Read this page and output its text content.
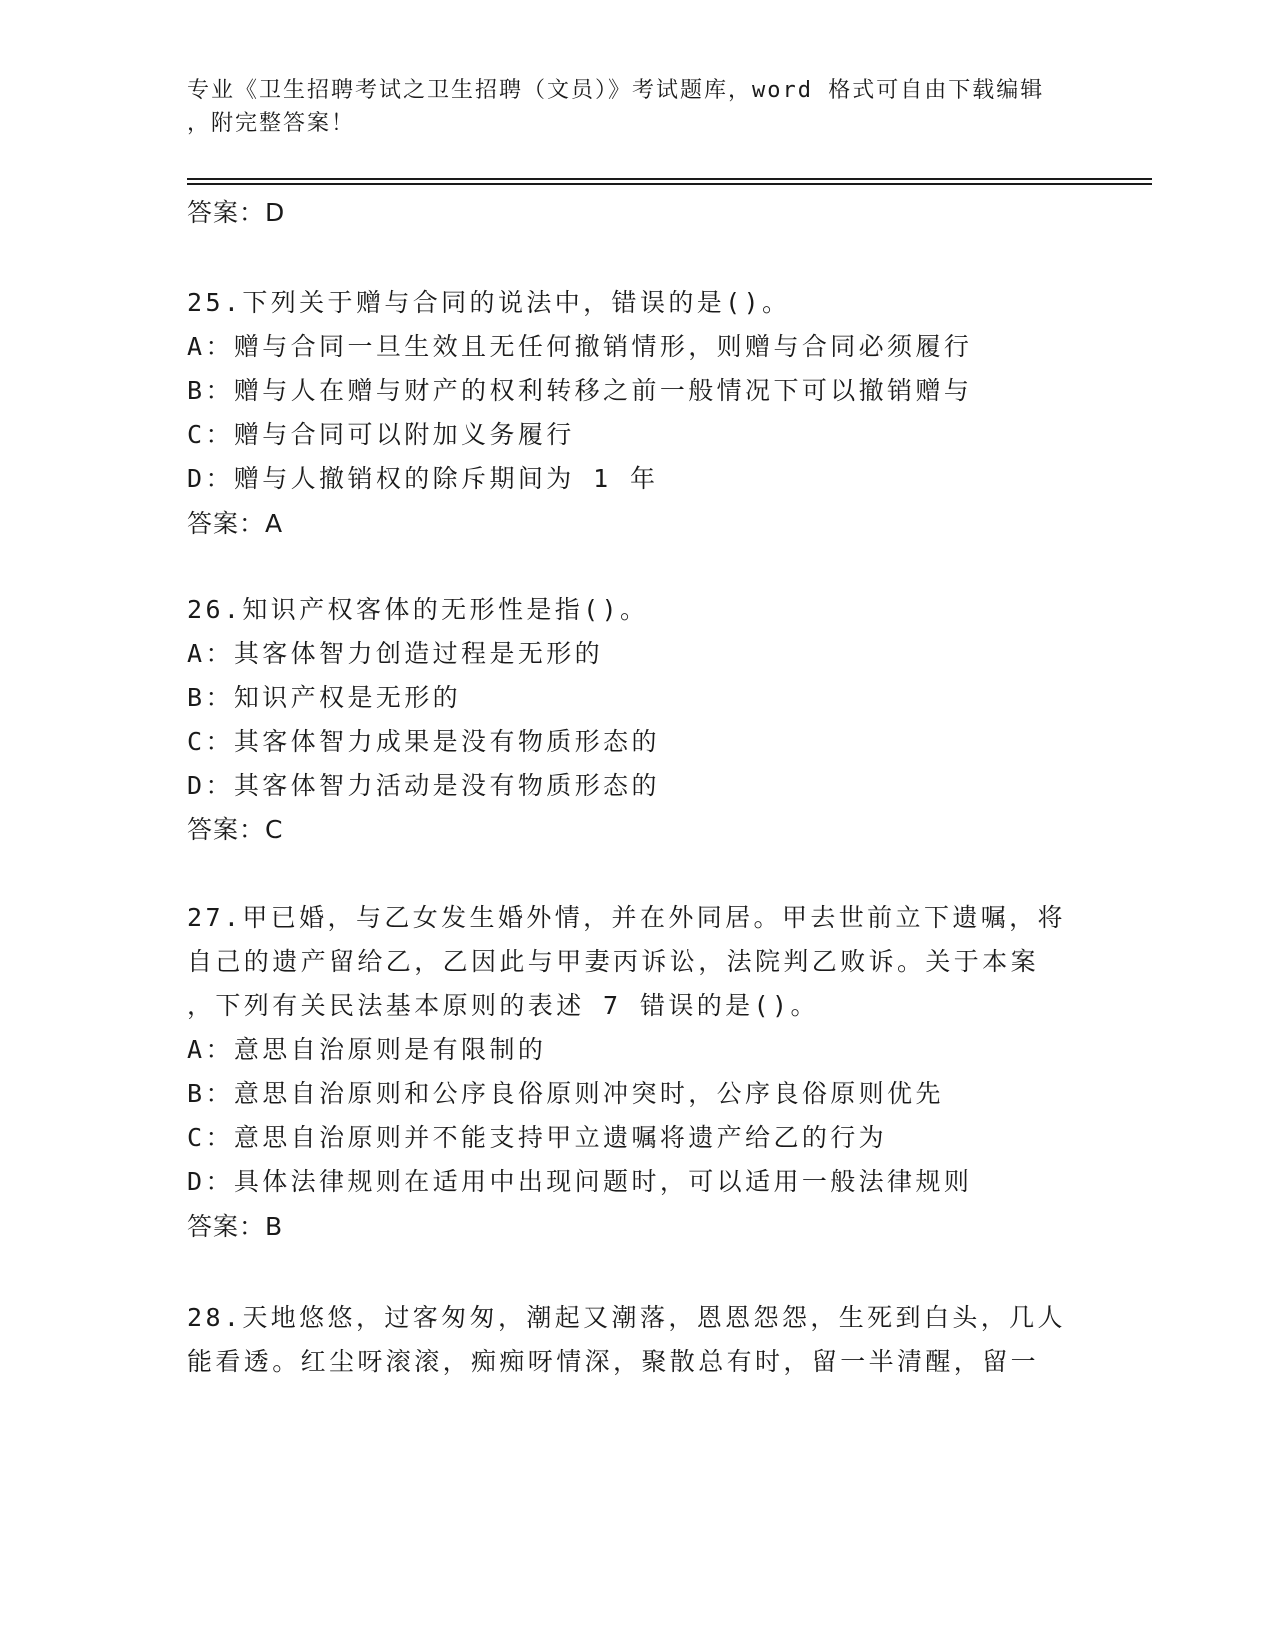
专业《卫生招聘考试之卫生招聘（文员）》考试题库，word 格式可自由下载编辑
，附完整答案！
答案：D
25.下列关于赠与合同的说法中，错误的是()。
A：赠与合同一旦生效且无任何撤销情形，则赠与合同必须履行
B：赠与人在赠与财产的权利转移之前一般情况下可以撤销赠与
C：赠与合同可以附加义务履行
D：赠与人撤销权的除斥期间为 1 年
答案：A
26.知识产权客体的无形性是指()。
A：其客体智力创造过程是无形的
B：知识产权是无形的
C：其客体智力成果是没有物质形态的
D：其客体智力活动是没有物质形态的
答案：C
27.甲已婚，与乙女发生婚外情，并在外同居。甲去世前立下遗嘱，将
自己的遗产留给乙，乙因此与甲妻丙诉讼，法院判乙败诉。关于本案
，下列有关民法基本原则的表述 7 错误的是()。
A：意思自治原则是有限制的
B：意思自治原则和公序良俗原则冲突时，公序良俗原则优先
C：意思自治原则并不能支持甲立遗嘱将遗产给乙的行为
D：具体法律规则在适用中出现问题时，可以适用一般法律规则
答案：B
28.天地悠悠，过客匆匆，潮起又潮落，恩恩怨怨，生死到白头，几人
能看透。红尘呀滚滚，痴痴呀情深，聚散总有时，留一半清醒，留一
